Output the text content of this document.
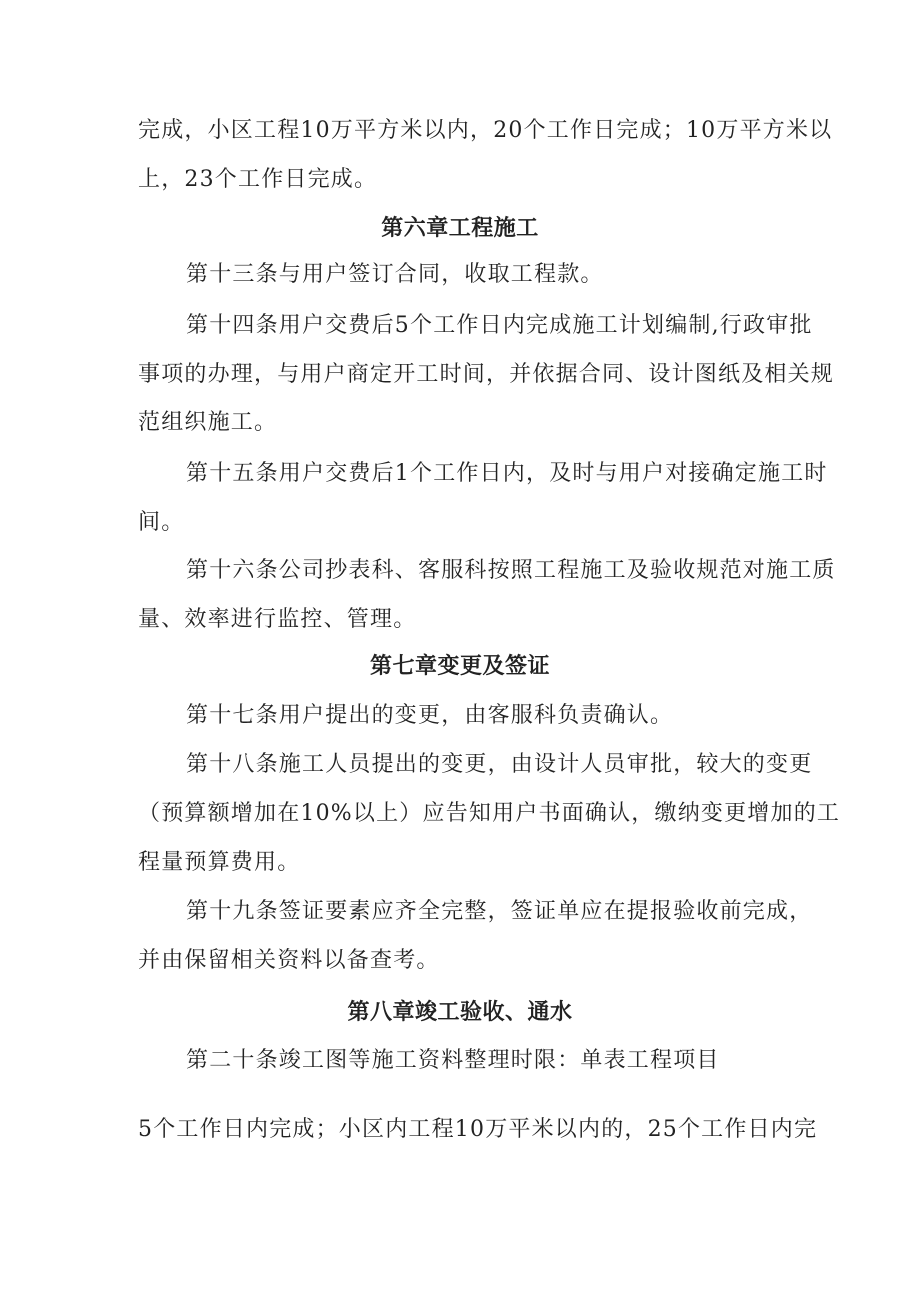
完成，小区工程10万平方米以内，20个工作日完成；10万平方米以
上，23个工作日完成。
第六章工程施工
第十三条与用户签订合同，收取工程款。
第十四条用户交费后5个工作日内完成施工计划编制,行政审批
事项的办理，与用户商定开工时间，并依据合同、设计图纸及相关规
范组织施工。
第十五条用户交费后1个工作日内，及时与用户对接确定施工时
间。
第十六条公司抄表科、客服科按照工程施工及验收规范对施工质
量、效率进行监控、管理。
第七章变更及签证
第十七条用户提出的变更，由客服科负责确认。
第十八条施工人员提出的变更，由设计人员审批，较大的变更
（预算额增加在10%以上）应告知用户书面确认，缴纳变更增加的工
程量预算费用。
第十九条签证要素应齐全完整，签证单应在提报验收前完成，
并由保留相关资料以备查考。
第八章竣工验收、通水
第二十条竣工图等施工资料整理时限：单表工程项目
5个工作日内完成；小区内工程10万平米以内的，25个工作日内完
